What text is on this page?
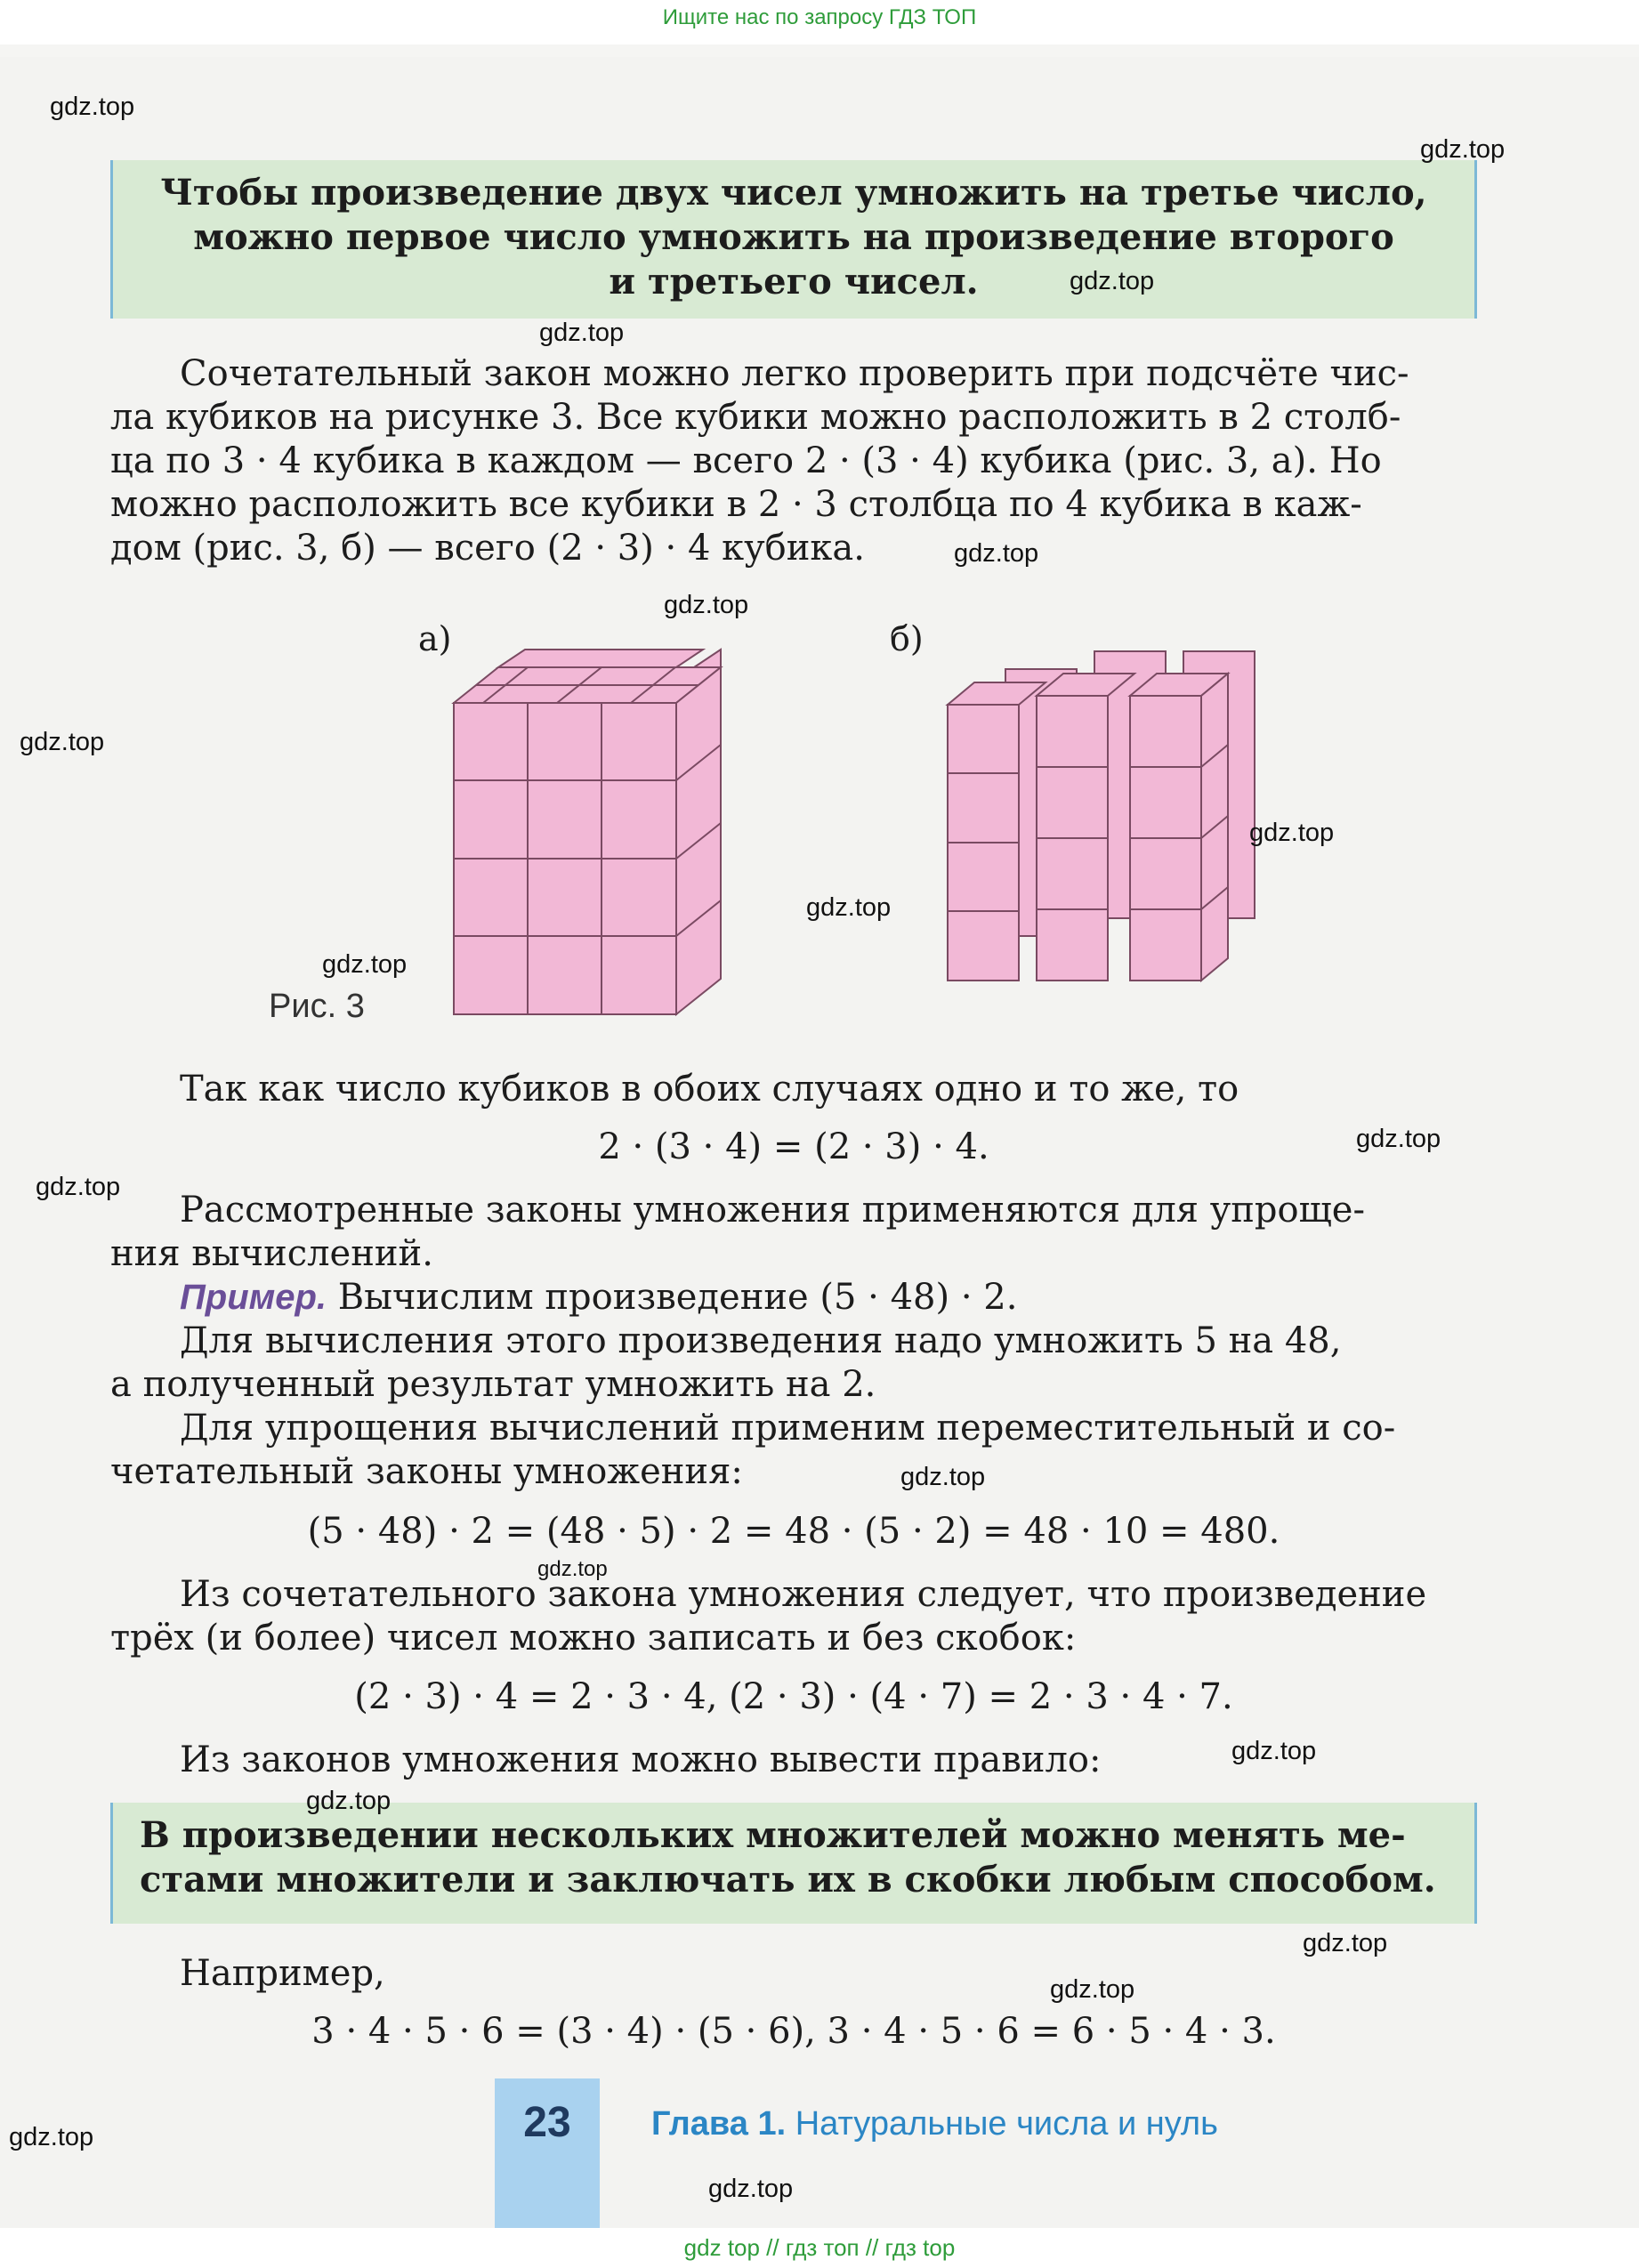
Ищите нас по запросу ГДЗ ТОП
Чтобы произведение двух чисел умножить на третье число,
можно первое число умножить на произведение второго
и третьего чисел.
Сочетательный закон можно легко проверить при подсчёте чис-
ла кубиков на рисунке 3. Все кубики можно расположить в 2 столб-
ца по 3 · 4 кубика в каждом — всего 2 · (3 · 4) кубика (рис. 3, а). Но
можно расположить все кубики в 2 · 3 столбца по 4 кубика в каж-
дом (рис. 3, б) — всего (2 · 3) · 4 кубика.
а)	б)
Рис. 3
Так как число кубиков в обоих случаях одно и то же, то
2 · (3 · 4) = (2 · 3) · 4.
Рассмотренные законы умножения применяются для упроще-
ния вычислений.
Пример. Вычислим произведение (5 · 48) · 2.
Для вычисления этого произведения надо умножить 5 на 48,
а полученный результат умножить на 2.
Для упрощения вычислений применим переместительный и со-
четательный законы умножения:
(5 · 48) · 2 = (48 · 5) · 2 = 48 · (5 · 2) = 48 · 10 = 480.
Из сочетательного закона умножения следует, что произведение
трёх (и более) чисел можно записать и без скобок:
(2 · 3) · 4 = 2 · 3 · 4, (2 · 3) · (4 · 7) = 2 · 3 · 4 · 7.
Из законов умножения можно вывести правило:
В произведении нескольких множителей можно менять ме-
стами множители и заключать их в скобки любым способом.
Например,
3 · 4 · 5 · 6 = (3 · 4) · (5 · 6), 3 · 4 · 5 · 6 = 6 · 5 · 4 · 3.
23	Глава 1. Натуральные числа и нуль
gdz.top
gdz.top
gdz.top
gdz.top
gdz.top
gdz.top
gdz.top
gdz.top
gdz.top
gdz.top
gdz.top
gdz.top
gdz.top
gdz.top
gdz.top
gdz.top
gdz.top
gdz.top
gdz.top
gdz.top
gdz top // гдз топ // гдз top
